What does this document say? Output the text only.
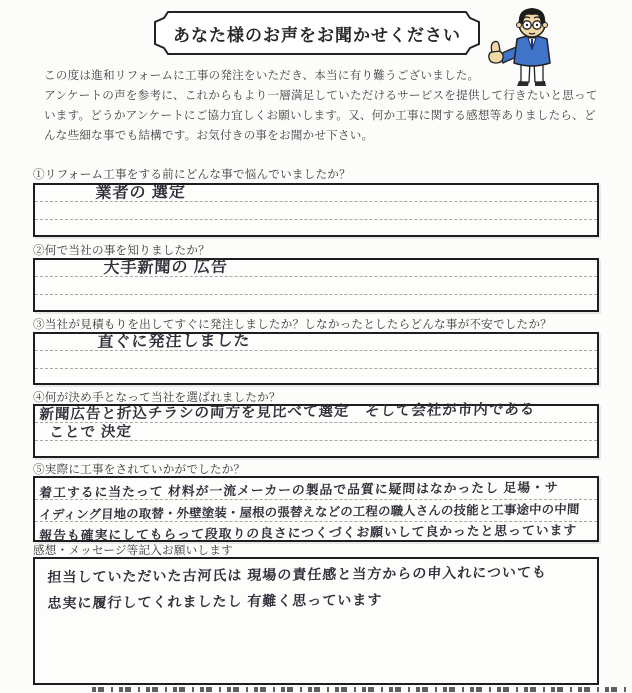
あなた様のお声をお聞かせください

この度は進和リフォームに工事の発注をいただき、本当に有り難うございました。

アンケートの声を参考に、これからもより一層満足していただけるサービスを提供して行きたいと思っています。どうかアンケートにご協力宜しくお願いします。又、何か工事に関する感想等ありましたら、どんな些細な事でも結構です。お気付きの事をお聞かせ下さい。

①リフォーム工事をする前にどんな事で悩んでいましたか？
業者の 選定
②何で当社の事を知りましたか？
大手新聞の 広告
③当社が見積もりを出してすぐに発注しましたか？しなかったとしたらどんな事が不安でしたか？
直ぐに発注しました
④何が決め手となって当社を選ばれましたか？
新聞広告と折込チラシの両方を見比べて選定　そして会社が市内である
ことで 決定
⑤実際に工事をされていかがでしたか？
着工するに当たって 材料が一流メーカーの製品で品質に疑問はなかったし 足場・サ
イディング目地の取替・外壁塗装・屋根の張替えなどの工程の職人さんの技能と工事途中の中間
報告も確実にしてもらって段取りの良さにつくづくお願いして良かったと思っています
感想・メッセージ等記入お願いします
担当していただいた古河氏は 現場の責任感と当方からの申入れについても
忠実に履行してくれましたし 有難く思っています
